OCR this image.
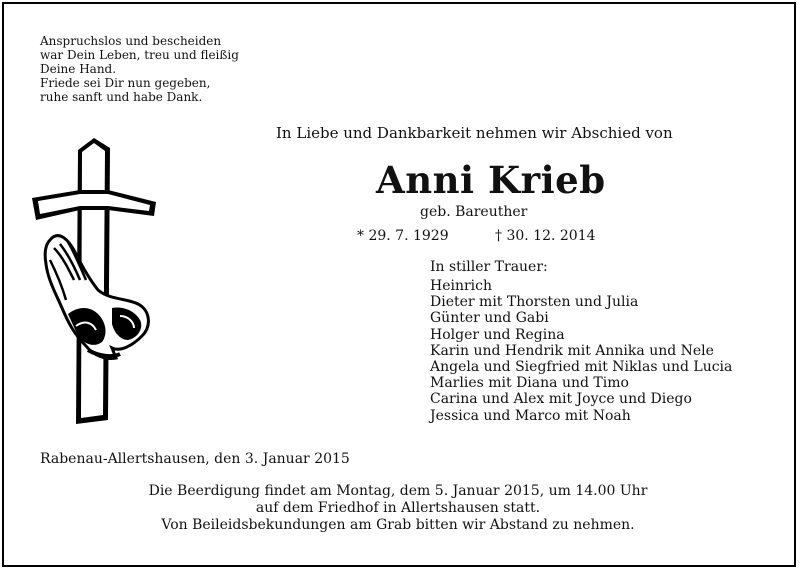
Anspruchslos und bescheiden
war Dein Leben, treu und fleißig
Deine Hand.
Friede sei Dir nun gegeben,
ruhe sanft und habe Dank.
In Liebe und Dankbarkeit nehmen wir Abschied von
Anni Krieb
geb. Bareuther
* 29. 7. 1929	† 30. 12. 2014
In stiller Trauer:
Heinrich
Dieter mit Thorsten und Julia
Günter und Gabi
Holger und Regina
Karin und Hendrik mit Annika und Nele
Angela und Siegfried mit Niklas und Lucia
Marlies mit Diana und Timo
Carina und Alex mit Joyce und Diego
Jessica und Marco mit Noah
Rabenau-Allertshausen, den 3. Januar 2015
Die Beerdigung findet am Montag, dem 5. Januar 2015, um 14.00 Uhr
auf dem Friedhof in Allertshausen statt.
Von Beileidsbekundungen am Grab bitten wir Abstand zu nehmen.
